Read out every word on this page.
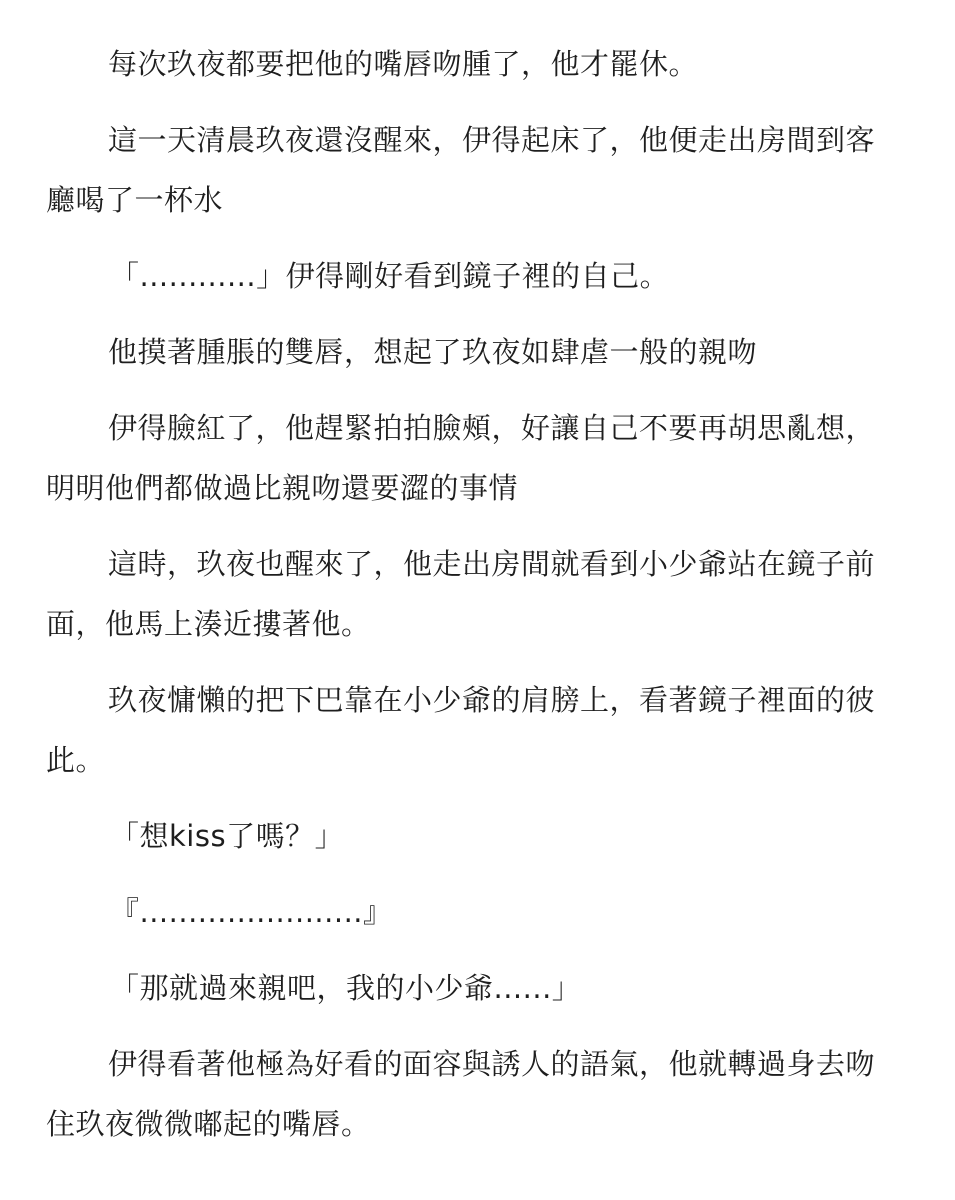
每次玖夜都要把他的嘴唇吻腫了，他才罷休。

這一天清晨玖夜還沒醒來，伊得起床了，他便走出房間到客廳喝了一杯水

「............」伊得剛好看到鏡子裡的自己。

他摸著腫脹的雙唇，想起了玖夜如肆虐一般的親吻

伊得臉紅了，他趕緊拍拍臉頰，好讓自己不要再胡思亂想，明明他們都做過比親吻還要澀的事情

這時，玖夜也醒來了，他走出房間就看到小少爺站在鏡子前面，他馬上湊近摟著他。

玖夜慵懶的把下巴靠在小少爺的肩膀上，看著鏡子裡面的彼此。

「想kiss了嗎？」

『.......................』

「那就過來親吧，我的小少爺......」

伊得看著他極為好看的面容與誘人的語氣，他就轉過身去吻住玖夜微微嘟起的嘴唇。
